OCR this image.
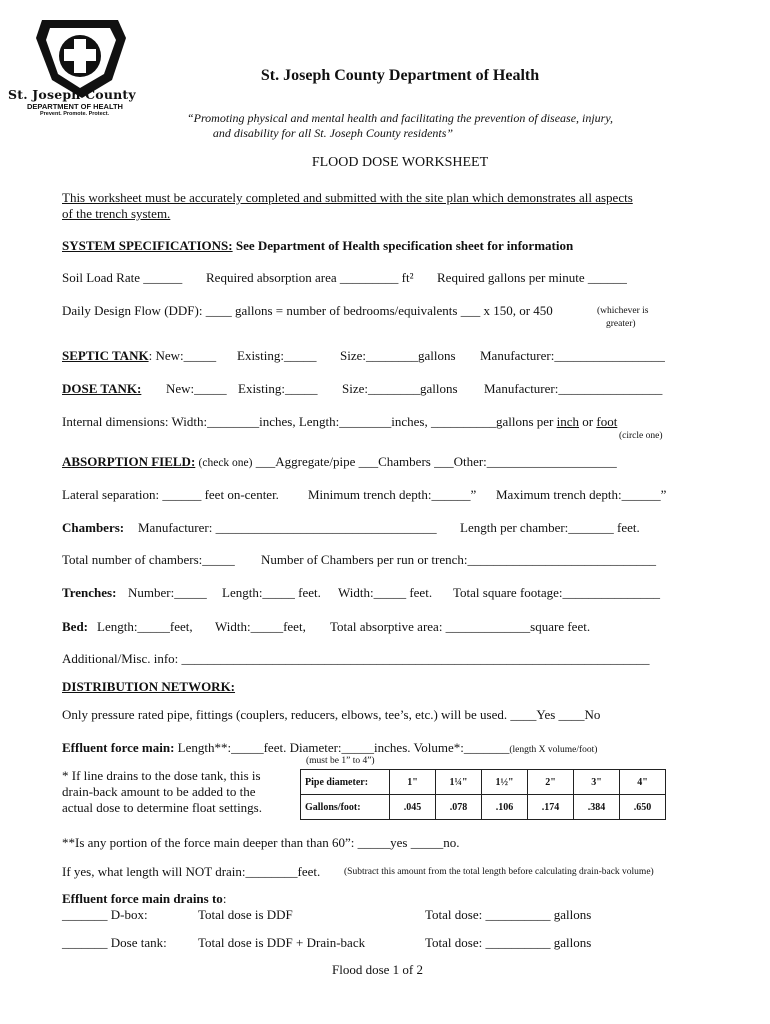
St. Joseph County
DEPARTMENT OF HEALTH
Prevent. Promote. Protect.
St. Joseph County Department of Health
“Promoting physical and mental health and facilitating the prevention of disease, injury,
and disability for all St. Joseph County residents”
FLOOD DOSE WORKSHEET
This worksheet must be accurately completed and submitted with the site plan which demonstrates all aspects
of the trench system.
SYSTEM SPECIFICATIONS: See Department of Health specification sheet for information
Soil Load Rate ______ Required absorption area _________ ft² Required gallons per minute ______
Daily Design Flow (DDF): ____ gallons = number of bedrooms/equivalents ___ x 150, or 450	(whichever is
greater)
SEPTIC TANK: New:_____ Existing:_____ Size:________gallons Manufacturer:_________________
DOSE TANK: New:_____ Existing:_____ Size:________gallons Manufacturer:________________
Internal dimensions: Width:________inches, Length:________inches, __________gallons per inch or foot
(circle one)
ABSORPTION FIELD: (check one) ___Aggregate/pipe ___Chambers ___Other:____________________
Lateral separation: ______ feet on-center. Minimum trench depth:______” Maximum trench depth:______”
Chambers: Manufacturer: __________________________________ Length per chamber:_______ feet.
Total number of chambers:_____ Number of Chambers per run or trench:_____________________________
Trenches: Number:_____ Length:_____ feet. Width:_____ feet. Total square footage:_______________
Bed: Length:_____feet, Width:_____feet, Total absorptive area: _____________square feet.
Additional/Misc. info: ________________________________________________________________________
DISTRIBUTION NETWORK:
Only pressure rated pipe, fittings (couplers, reducers, elbows, tee’s, etc.) will be used. ____Yes ____No
Effluent force main: Length**:_____feet. Diameter:_____inches. Volume*:_______(length X volume/foot)
(must be 1” to 4”)
* If line drains to the dose tank, this is
drain-back amount to be added to the
actual dose to determine float settings.
Pipe diameter:	1"	1¼"	1½"	2"	3"	4"
Gallons/foot:	.045	.078	.106	.174	.384	.650
**Is any portion of the force main deeper than than 60”: _____yes _____no.
If yes, what length will NOT drain:________feet. (Subtract this amount from the total length before calculating drain-back volume)
Effluent force main drains to:
_______ D-box:	Total dose is DDF	Total dose: __________ gallons
_______ Dose tank: Total dose is DDF + Drain-back	Total dose: __________ gallons
Flood dose 1 of 2
